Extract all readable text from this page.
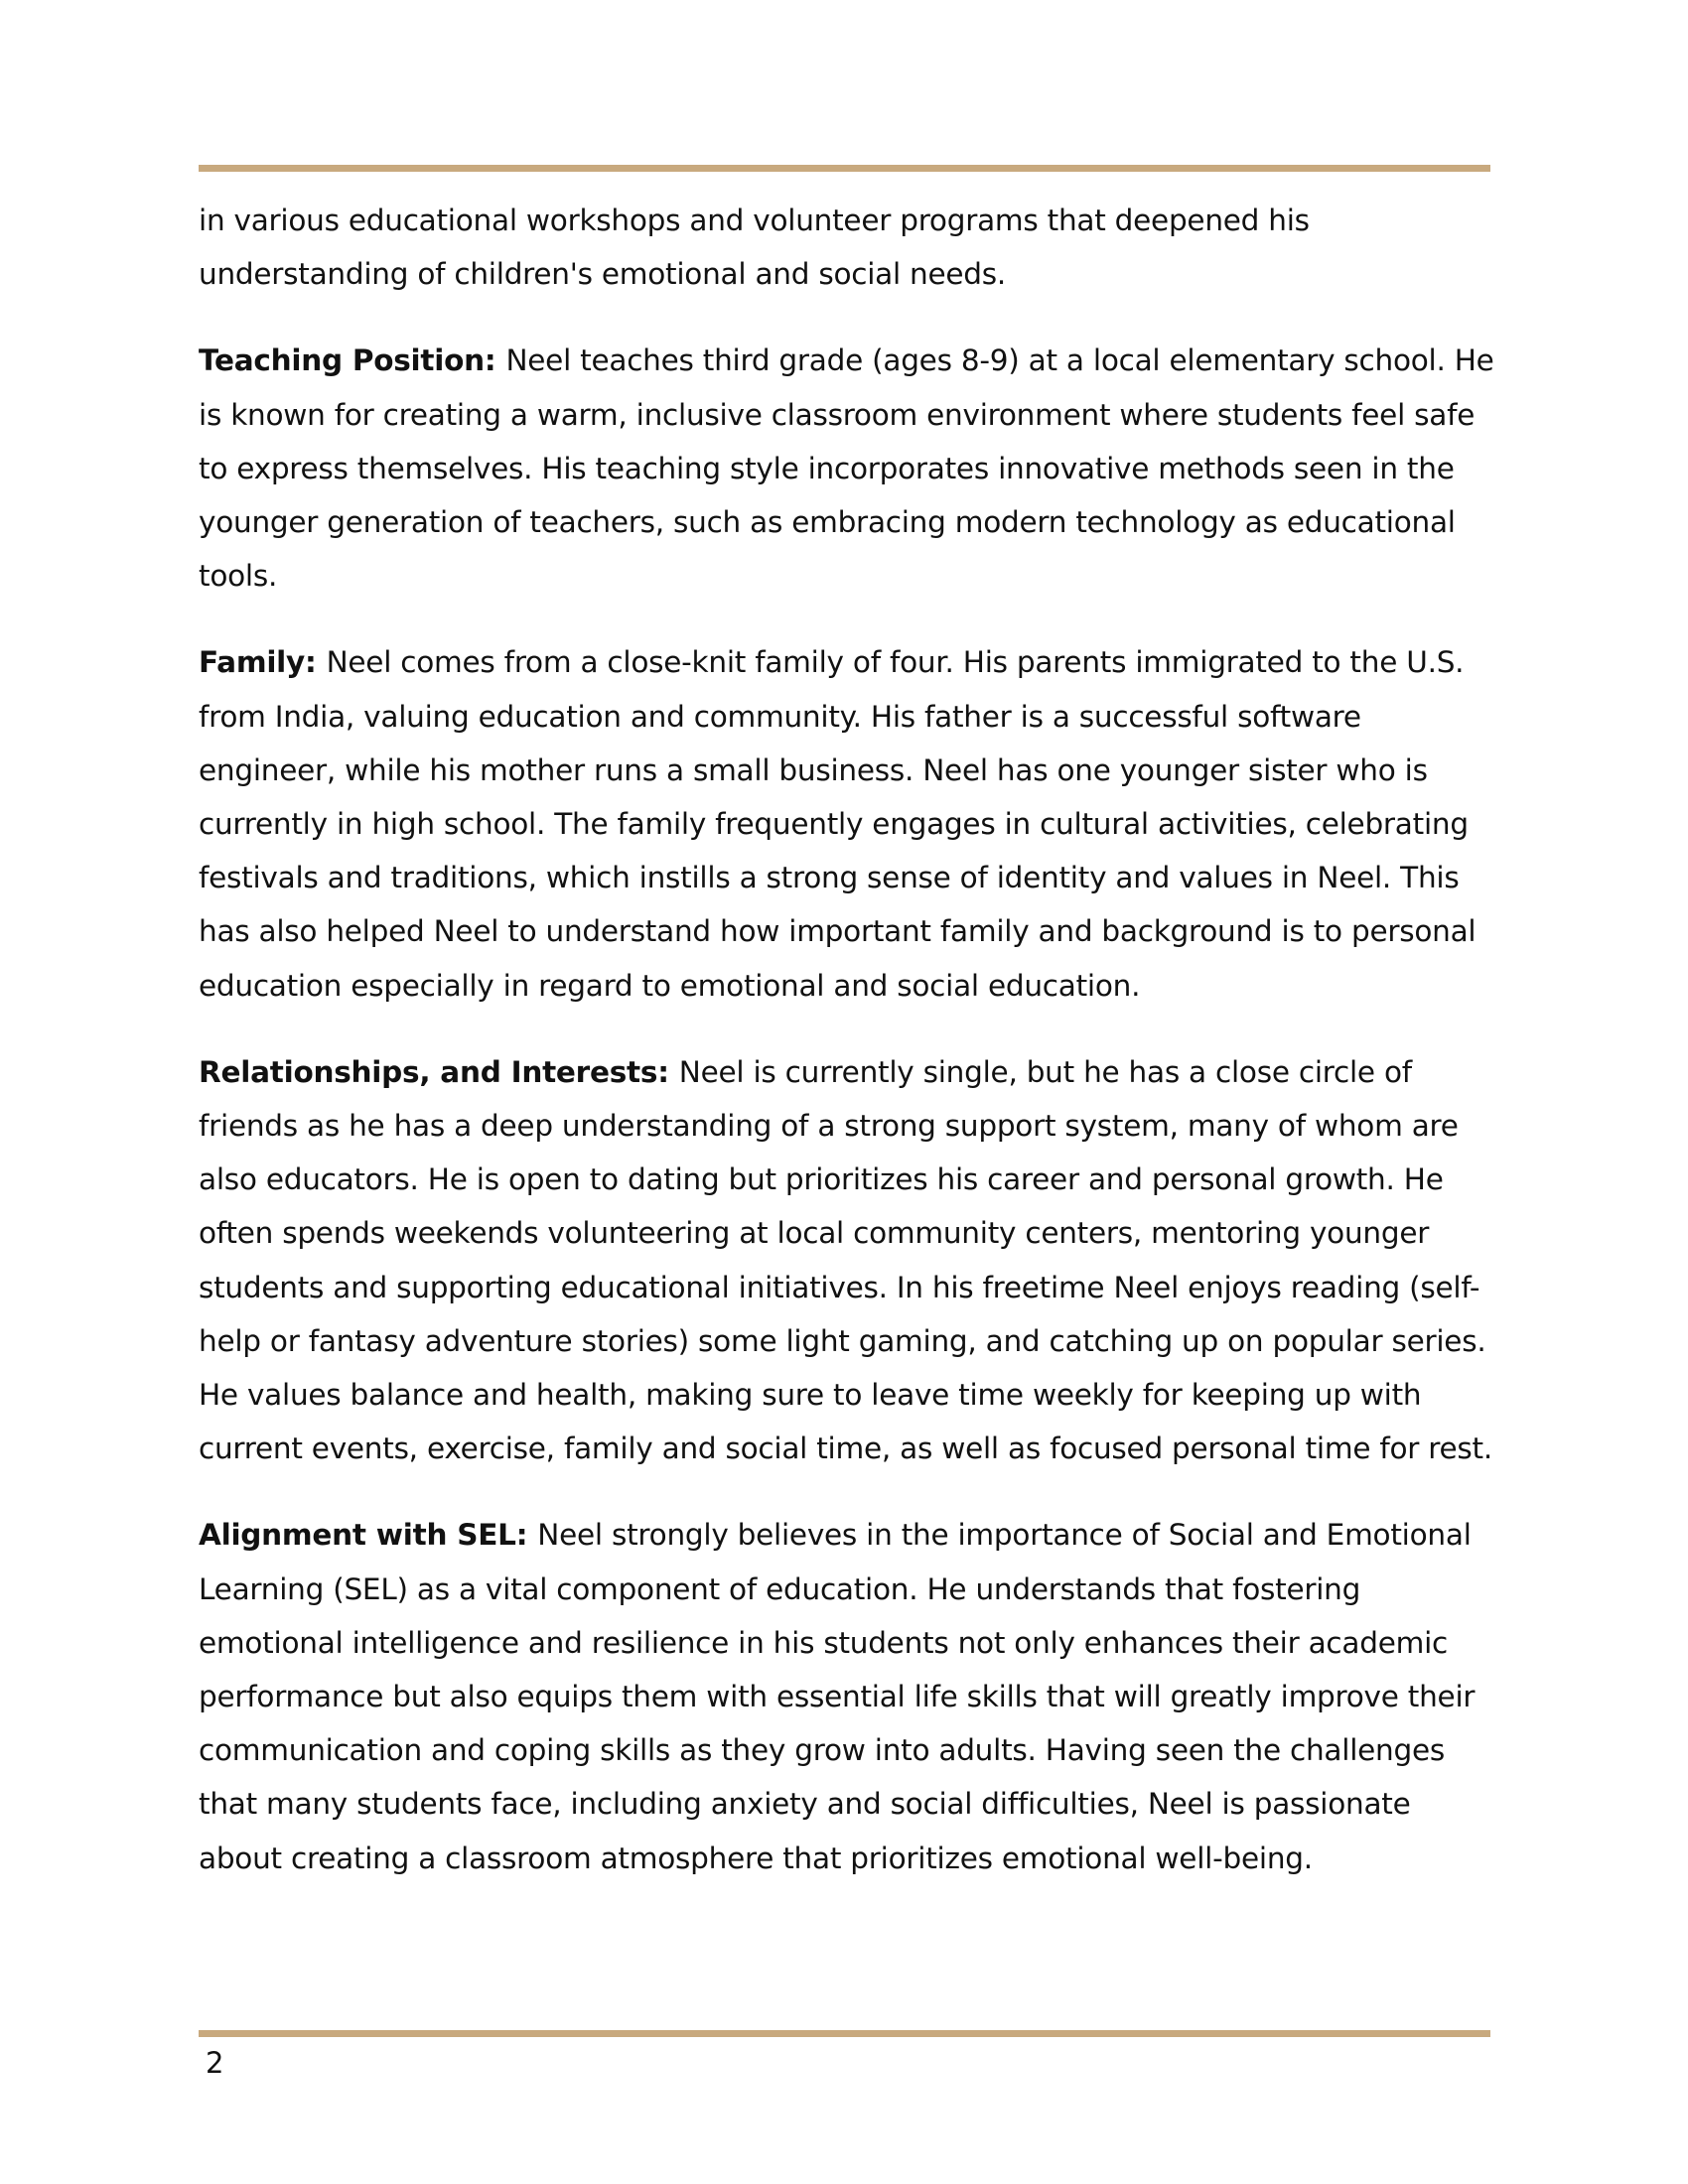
in various educational workshops and volunteer programs that deepened his understanding of children's emotional and social needs.

Teaching Position: Neel teaches third grade (ages 8-9) at a local elementary school. He is known for creating a warm, inclusive classroom environment where students feel safe to express themselves. His teaching style incorporates innovative methods seen in the younger generation of teachers, such as embracing modern technology as educational tools.

Family: Neel comes from a close-knit family of four. His parents immigrated to the U.S. from India, valuing education and community. His father is a successful software engineer, while his mother runs a small business. Neel has one younger sister who is currently in high school. The family frequently engages in cultural activities, celebrating festivals and traditions, which instills a strong sense of identity and values in Neel. This has also helped Neel to understand how important family and background is to personal education especially in regard to emotional and social education.

Relationships, and Interests: Neel is currently single, but he has a close circle of friends as he has a deep understanding of a strong support system, many of whom are also educators. He is open to dating but prioritizes his career and personal growth. He often spends weekends volunteering at local community centers, mentoring younger students and supporting educational initiatives. In his freetime Neel enjoys reading (self-help or fantasy adventure stories) some light gaming, and catching up on popular series. He values balance and health, making sure to leave time weekly for keeping up with current events, exercise, family and social time, as well as focused personal time for rest.

Alignment with SEL: Neel strongly believes in the importance of Social and Emotional Learning (SEL) as a vital component of education. He understands that fostering emotional intelligence and resilience in his students not only enhances their academic performance but also equips them with essential life skills that will greatly improve their communication and coping skills as they grow into adults. Having seen the challenges that many students face, including anxiety and social difficulties, Neel is passionate about creating a classroom atmosphere that prioritizes emotional well-being.

2
